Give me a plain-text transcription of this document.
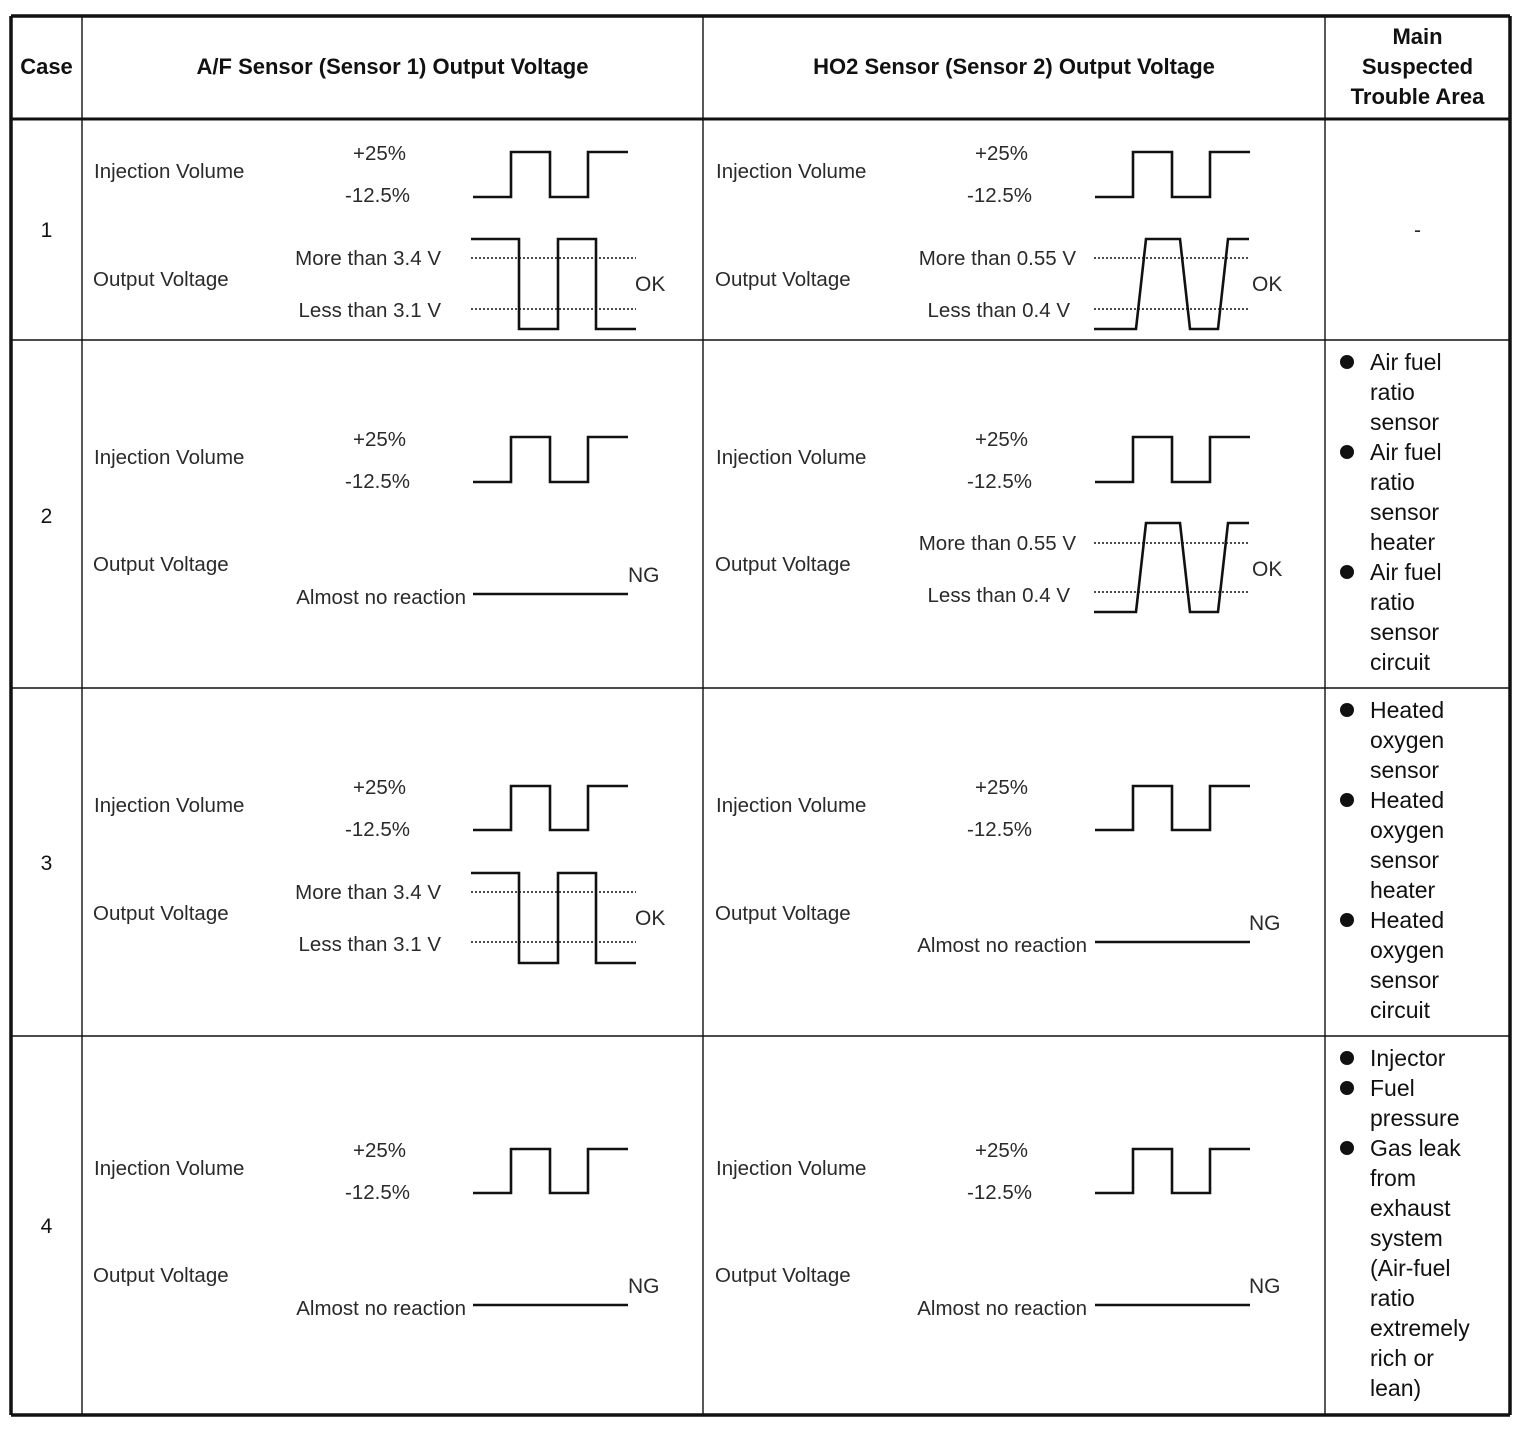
Case	A/F Sensor (Sensor 1) Output Voltage	HO2 Sensor (Sensor 2) Output Voltage
Main
Suspected
Trouble Area
1
Injection Volume
+25%
-12.5%
Output Voltage
More than 3.4 V
Less than 3.1 V
OK
Injection Volume
+25%
-12.5%
Output Voltage
More than 0.55 V
Less than 0.4 V
OK
-
2
Injection Volume
+25%
-12.5%
Output Voltage
Almost no reaction
NG
Injection Volume
+25%
-12.5%
Output Voltage
More than 0.55 V
Less than 0.4 V
OK
Air fuel ratio sensor
Air fuel ratio sensor heater
Air fuel ratio sensor circuit
3
Injection Volume
+25%
-12.5%
Output Voltage
More than 3.4 V
Less than 3.1 V
OK
Injection Volume
+25%
-12.5%
Output Voltage
Almost no reaction
NG
Heated oxygen sensor
Heated oxygen sensor heater
Heated oxygen sensor circuit
4
Injection Volume
+25%
-12.5%
Output Voltage
Almost no reaction
NG
Injection Volume
+25%
-12.5%
Output Voltage
Almost no reaction
NG
Injector
Fuel pressure
Gas leak from exhaust system (Air-fuel ratio extremely rich or lean)
